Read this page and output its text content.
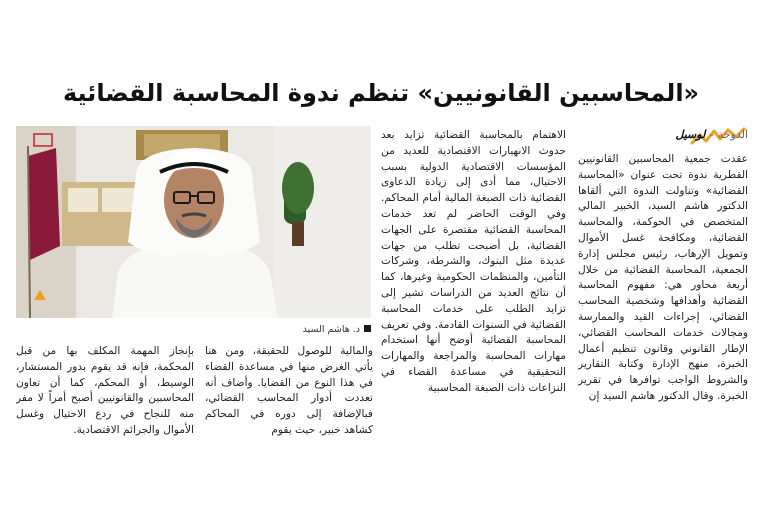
«المحاسبين القانونيين» تنظم ندوة المحاسبة القضائية
الدوحة – لوسيل
عقدت جمعية المحاسبين القانونيين القطرية ندوة تحت عنوان «المحاسبة القضائية» وتناولت الندوة التي ألقاها الدكتور هاشم السيد، الخبير المالي المتخصص في الحوكمة، والمحاسبة القضائية، ومكافحة غسل الأموال وتمويل الإرهاب، رئيس مجلس إدارة الجمعية، المحاسبة القضائية من خلال أربعة محاور هي: مفهوم المحاسبة القضائية وأهدافها وشخصية المحاسب القضائي، إجراءات القيد والممارسة ومجالات خدمات المحاسب القضائي، الإطار القانوني وقانون تنظيم أعمال الخبرة، منهج الإدارة وكتابة التقارير والشروط الواجب توافرها في تقرير الخبرة. وقال الدكتور هاشم السيد إن
الاهتمام بالمحاسبة القضائية تزايد بعد حدوث الانهيارات الاقتصادية للعديد من المؤسسات الاقتصادية الدولية بسبب الاحتيال، مما أدى إلى زيادة الدعاوى القضائية ذات الصبغة المالية أمام المحاكم. وفي الوقت الحاضر لم تعد خدمات المحاسبة القضائية مقتصرة على الجهات القضائية، بل أصبحت تطلب من جهات عديدة مثل البنوك، والشرطة، وشركات التأمين، والمنظمات الحكومية وغيرها، كما أن نتائج العديد من الدراسات تشير إلى تزايد الطلب على خدمات المحاسبة القضائية في السنوات القادمة. وفي تعريف المحاسبة القضائية أوضح أنها استخدام مهارات المحاسبة والمراجعة والمهارات التحقيقية في مساعدة القضاء في النزاعات ذات الصبغة المحاسبية
د. هاشم السيد
والمالية للوصول للحقيقة، ومن هنا يأتي الغرض منها في مساعدة القضاء في هذا النوع من القضايا. وأضاف أنه تعددت أدوار المحاسب القضائي، فبالإضافة إلى دوره في المحاكم كشاهد خبير، حيث يقوم
بإنجاز المهمة المكلف بها من قبل المحكمة، فإنه قد يقوم بدور المستشار، الوسيط، أو المحكم، كما أن تعاون المحاسبين والقانونيين أصبح أمراً لا مفر منه للنجاح في ردع الاحتيال وغسل الأموال والجرائم الاقتصادية.
